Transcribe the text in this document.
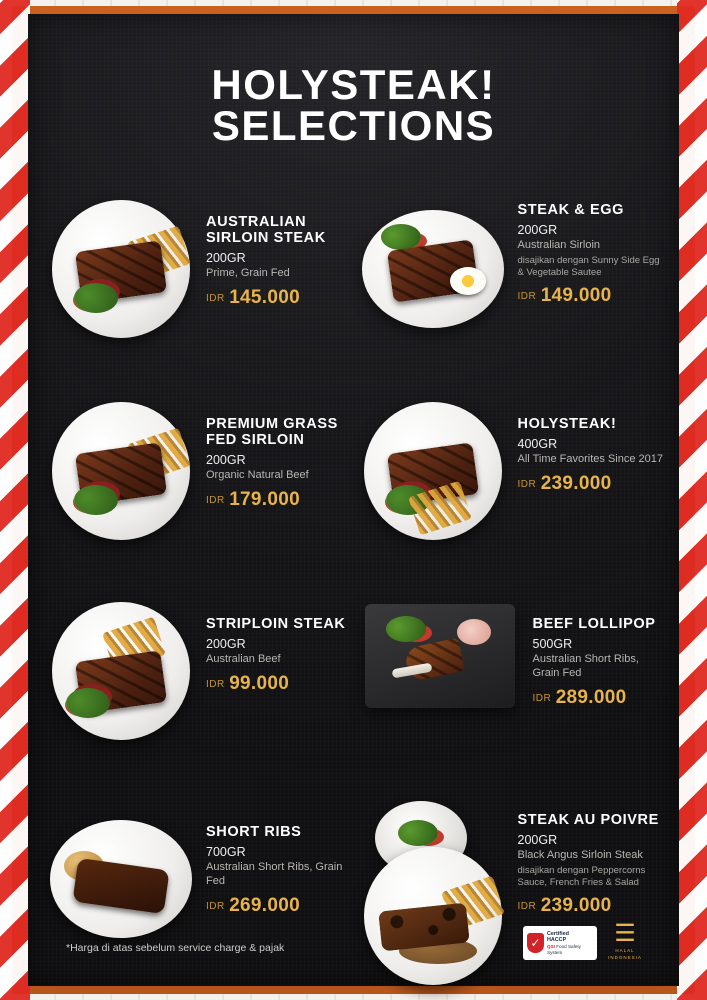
HOLYSTEAK!
SELECTIONS
AUSTRALIAN SIRLOIN STEAK
200GR
Prime, Grain Fed
IDR 145.000
STEAK & EGG
200GR
Australian Sirloin
disajikan dengan Sunny Side Egg & Vegetable Sautee
IDR 149.000
PREMIUM GRASS FED SIRLOIN
200GR
Organic Natural Beef
IDR 179.000
HOLYSTEAK!
400GR
All Time Favorites Since 2017
IDR 239.000
STRIPLOIN STEAK
200GR
Australian Beef
IDR 99.000
BEEF LOLLIPOP
500GR
Australian Short Ribs, Grain Fed
IDR 289.000
SHORT RIBS
700GR
Australian Short Ribs, Grain Fed
IDR 269.000
STEAK AU POIVRE
200GR
Black Angus Sirloin Steak
disajikan dengan Peppercorns Sauce, French Fries & Salad
IDR 239.000
*Harga di atas sebelum service charge & pajak	✓
Certified
HACCP
QSI Food Safety System
☰
HALAL
INDONESIA
